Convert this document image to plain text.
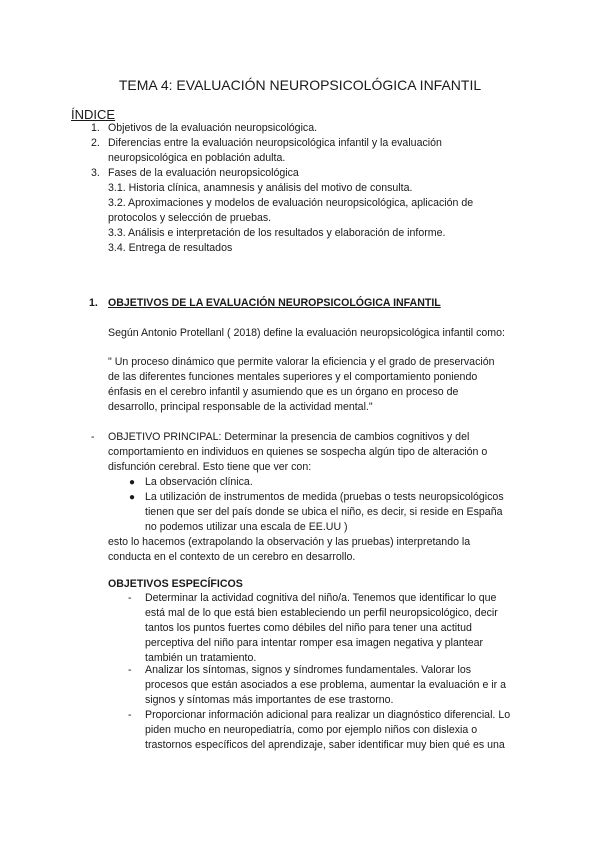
TEMA 4: EVALUACIÓN NEUROPSICOLÓGICA INFANTIL
ÍNDICE
1. Objetivos de la evaluación neuropsicológica.
2. Diferencias entre la evaluación neuropsicológica infantil y la evaluación
neuropsicológica en población adulta.
3. Fases de la evaluación neuropsicológica
3.1. Historia clínica, anamnesis y análisis del motivo de consulta.
3.2. Aproximaciones y modelos de evaluación neuropsicológica, aplicación de
protocolos y selección de pruebas.
3.3. Análisis e interpretación de los resultados y elaboración de informe.
3.4. Entrega de resultados
1. OBJETIVOS DE LA EVALUACIÓN NEUROPSICOLÓGICA INFANTIL
Según Antonio Protellanl ( 2018) define la evaluación neuropsicológica infantil como:
" Un proceso dinámico que permite valorar la eficiencia y el grado de preservación
de las diferentes funciones mentales superiores y el comportamiento poniendo
énfasis en el cerebro infantil y asumiendo que es un órgano en proceso de
desarrollo, principal responsable de la actividad mental."
- OBJETIVO PRINCIPAL: Determinar la presencia de cambios cognitivos y del
comportamiento en individuos en quienes se sospecha algún tipo de alteración o
disfunción cerebral. Esto tiene que ver con:
● La observación clínica.
● La utilización de instrumentos de medida (pruebas o tests neuropsicológicos
tienen que ser del país donde se ubica el niño, es decir, si reside en España
no podemos utilizar una escala de EE.UU )
esto lo hacemos (extrapolando la observación y las pruebas) interpretando la
conducta en el contexto de un cerebro en desarrollo.
OBJETIVOS ESPECÍFICOS
- Determinar la actividad cognitiva del niño/a. Tenemos que identificar lo que
está mal de lo que está bien estableciendo un perfil neuropsicológico, decir
tantos los puntos fuertes como débiles del niño para tener una actitud
perceptiva del niño para intentar romper esa imagen negativa y plantear
también un tratamiento.
- Analizar los síntomas, signos y síndromes fundamentales. Valorar los
procesos que están asociados a ese problema, aumentar la evaluación e ir a
signos y síntomas más importantes de ese trastorno.
- Proporcionar información adicional para realizar un diagnóstico diferencial. Lo
piden mucho en neuropediatría, como por ejemplo niños con dislexia o
trastornos específicos del aprendizaje, saber identificar muy bien qué es una
